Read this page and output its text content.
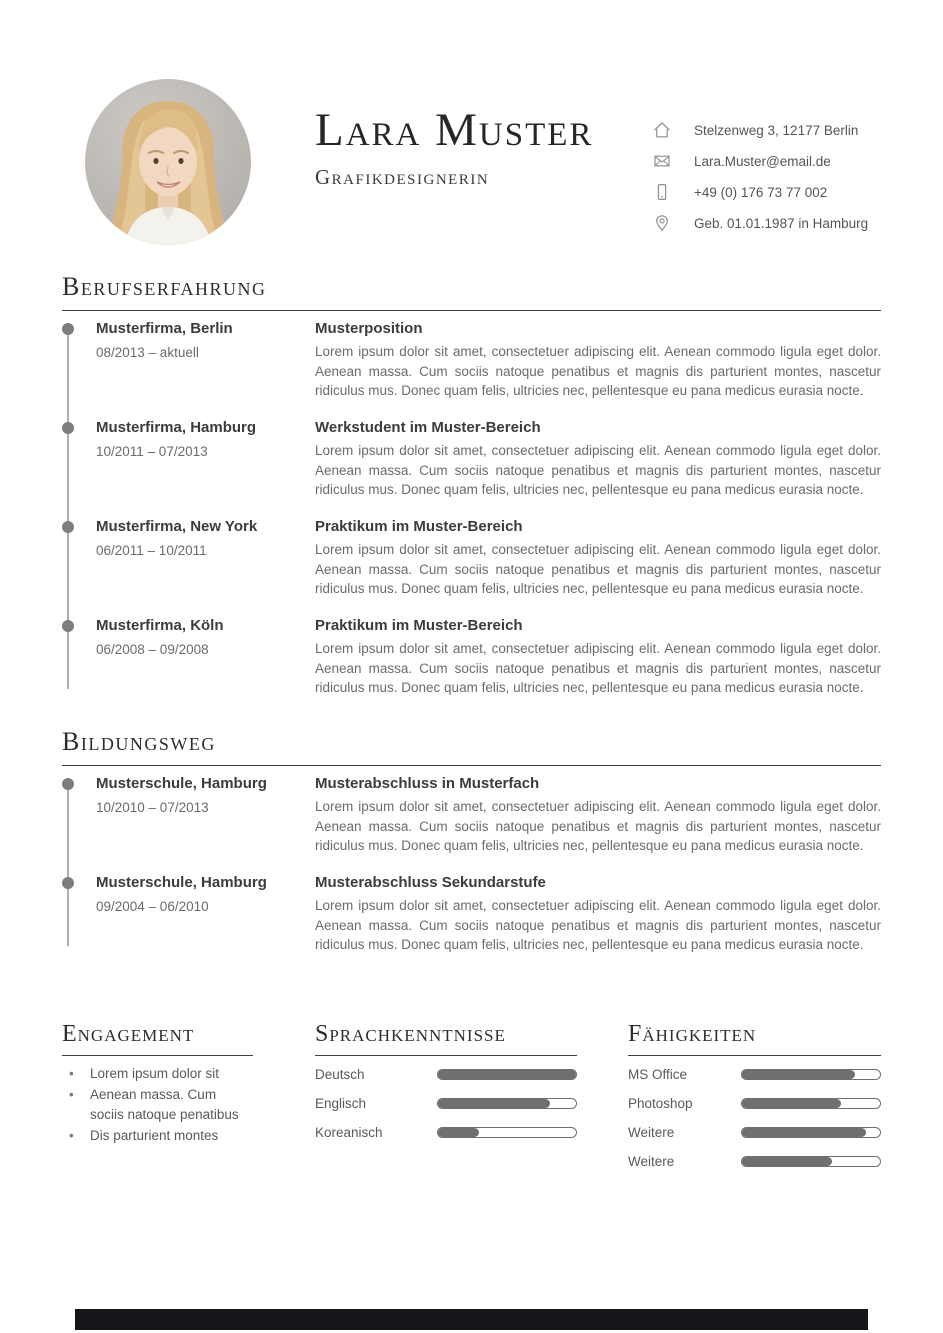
Lara Muster
Grafikdesignerin
Stelzenweg 3, 12177 Berlin
Lara.Muster@email.de
+49 (0) 176 73 77 002
Geb. 01.01.1987 in Hamburg
Berufserfahrung
Musterfirma, Berlin
08/2013 – aktuell
Musterposition
Lorem ipsum dolor sit amet, consectetuer adipiscing elit. Aenean commodo ligula eget dolor. Aenean massa. Cum sociis natoque penatibus et magnis dis parturient montes, nascetur ridiculus mus. Donec quam felis, ultricies nec, pellentesque eu pana medicus eurasia nocte.
Musterfirma, Hamburg
10/2011 – 07/2013
Werkstudent im Muster-Bereich
Lorem ipsum dolor sit amet, consectetuer adipiscing elit. Aenean commodo ligula eget dolor. Aenean massa. Cum sociis natoque penatibus et magnis dis parturient montes, nascetur ridiculus mus. Donec quam felis, ultricies nec, pellentesque eu pana medicus eurasia nocte.
Musterfirma, New York
06/2011 – 10/2011
Praktikum im Muster-Bereich
Lorem ipsum dolor sit amet, consectetuer adipiscing elit. Aenean commodo ligula eget dolor. Aenean massa. Cum sociis natoque penatibus et magnis dis parturient montes, nascetur ridiculus mus. Donec quam felis, ultricies nec, pellentesque eu pana medicus eurasia nocte.
Musterfirma, Köln
06/2008 – 09/2008
Praktikum im Muster-Bereich
Lorem ipsum dolor sit amet, consectetuer adipiscing elit. Aenean commodo ligula eget dolor. Aenean massa. Cum sociis natoque penatibus et magnis dis parturient montes, nascetur ridiculus mus. Donec quam felis, ultricies nec, pellentesque eu pana medicus eurasia nocte.
Bildungsweg
Musterschule, Hamburg
10/2010 – 07/2013
Musterabschluss in Musterfach
Lorem ipsum dolor sit amet, consectetuer adipiscing elit. Aenean commodo ligula eget dolor. Aenean massa. Cum sociis natoque penatibus et magnis dis parturient montes, nascetur ridiculus mus. Donec quam felis, ultricies nec, pellentesque eu pana medicus eurasia nocte.
Musterschule, Hamburg
09/2004 – 06/2010
Musterabschluss Sekundarstufe
Lorem ipsum dolor sit amet, consectetuer adipiscing elit. Aenean commodo ligula eget dolor. Aenean massa. Cum sociis natoque penatibus et magnis dis parturient montes, nascetur ridiculus mus. Donec quam felis, ultricies nec, pellentesque eu pana medicus eurasia nocte.
Engagement
•	Lorem ipsum dolor sit
•	Aenean massa. Cum sociis natoque penatibus
•	Dis parturient montes
Sprachkenntnisse
Deutsch
Englisch
Koreanisch
Fähigkeiten
MS Office
Photoshop
Weitere
Weitere
